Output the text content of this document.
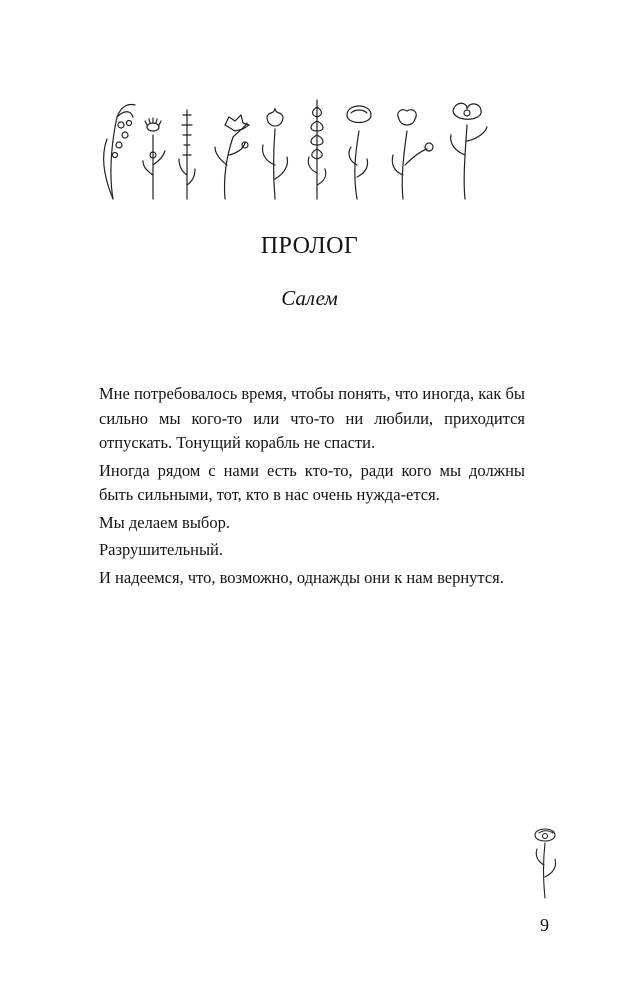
ПРОЛОГ
Салем

Мне потребовалось время, чтобы понять, что иногда, как бы сильно мы кого-то или что-то ни любили, приходится отпускать. Тонущий корабль не спасти.

Иногда рядом с нами есть кто-то, ради кого мы должны быть сильными, тот, кто в нас очень нужда-ется.

Мы делаем выбор.

Разрушительный.

И надеемся, что, возможно, однажды они к нам вернутся.

9
